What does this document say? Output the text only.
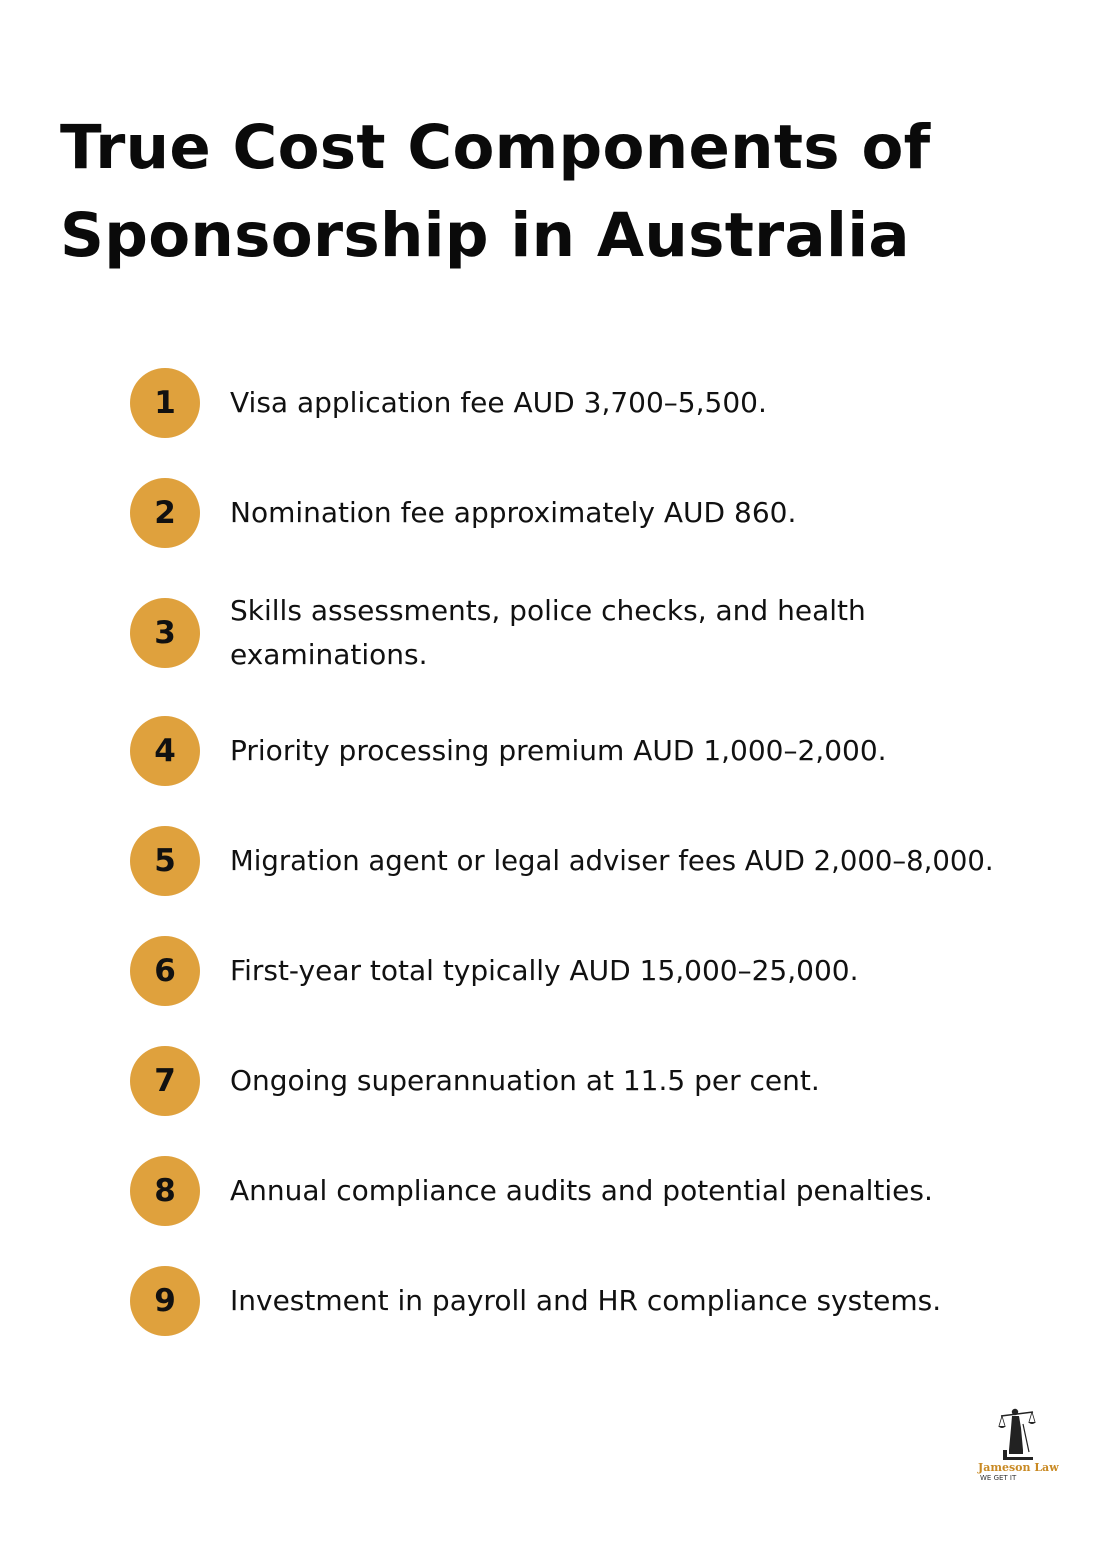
True Cost Components of Sponsorship in Australia
1	Visa application fee AUD 3,700–5,500.
2	Nomination fee approximately AUD 860.
3
Skills assessments, police checks, and health examinations.
4	Priority processing premium AUD 1,000–2,000.
5	Migration agent or legal adviser fees AUD 2,000–8,000.
6	First-year total typically AUD 15,000–25,000.
7	Ongoing superannuation at 11.5 per cent.
8	Annual compliance audits and potential penalties.
9	Investment in payroll and HR compliance systems.
Jameson Law
WE GET IT
